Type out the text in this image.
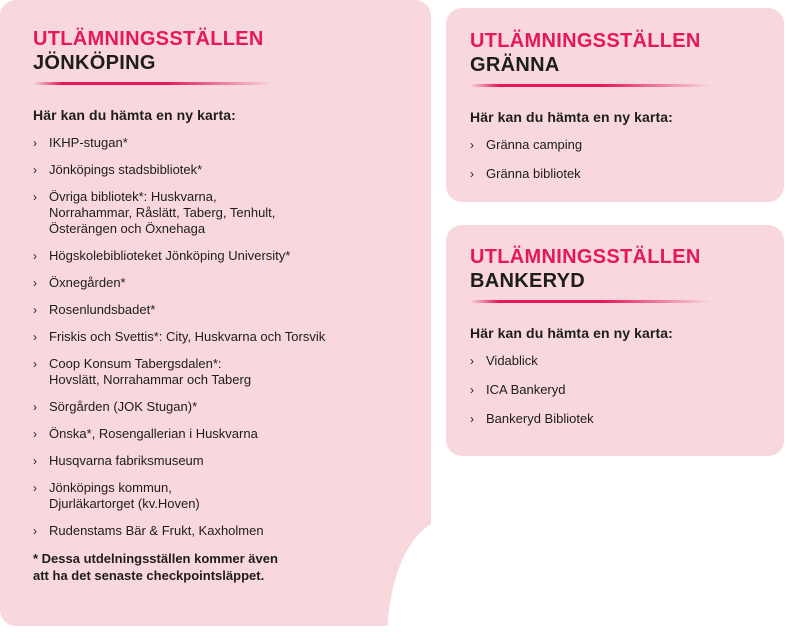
UTLÄMNINGSSTÄLLEN
JÖNKÖPING

Här kan du hämta en ny karta:

› IKHP-stugan*
› Jönköpings stadsbibliotek*
› Övriga bibliotek*: Huskvarna,
Norrahammar, Råslätt, Taberg, Tenhult,
Österängen och Öxnehaga
› Högskolebiblioteket Jönköping University*
› Öxnegården*
› Rosenlundsbadet*
› Friskis och Svettis*: City, Huskvarna och Torsvik
› Coop Konsum Tabergsdalen*:
Hovslätt, Norrahammar och Taberg
› Sörgården (JOK Stugan)*
› Önska*, Rosengallerian i Huskvarna
› Husqvarna fabriksmuseum
› Jönköpings kommun,
Djurläkartorget (kv.Hoven)
› Rudenstams Bär & Frukt, Kaxholmen

* Dessa utdelningsställen kommer även
att ha det senaste checkpointsläppet.

UTLÄMNINGSSTÄLLEN
GRÄNNA

Här kan du hämta en ny karta:

› Gränna camping
› Gränna bibliotek
UTLÄMNINGSSTÄLLEN
BANKERYD

Här kan du hämta en ny karta:

› Vidablick
› ICA Bankeryd
› Bankeryd Bibliotek
